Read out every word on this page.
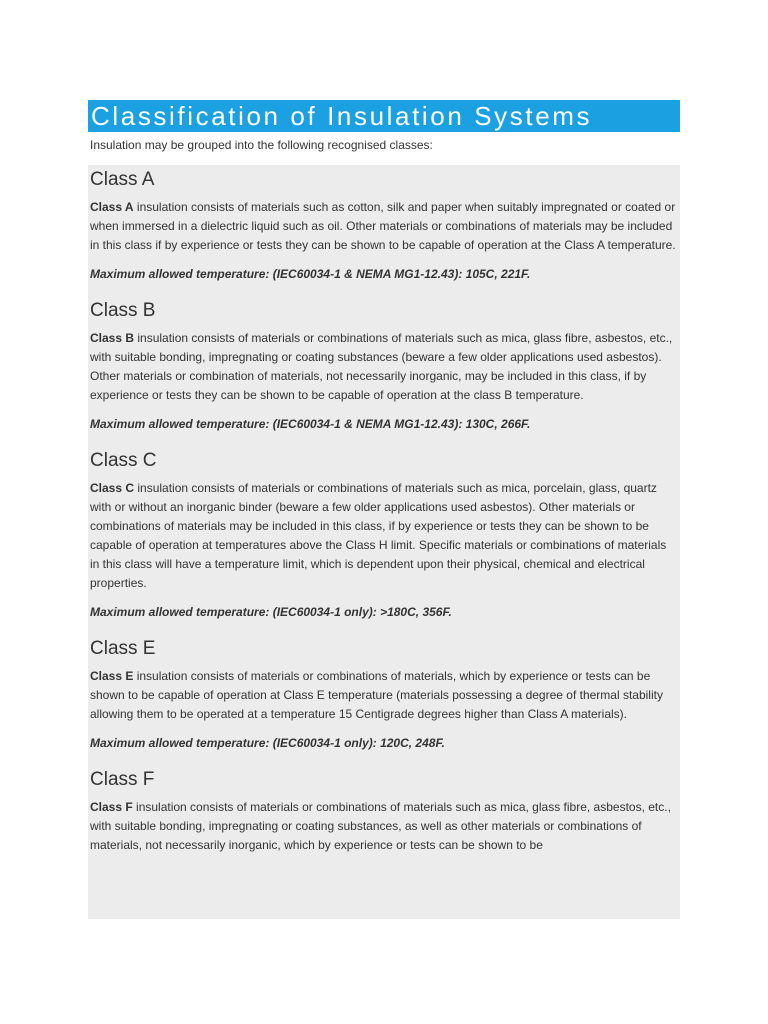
Classification of Insulation Systems
Insulation may be grouped into the following recognised classes:
Class A

Class A insulation consists of materials such as cotton, silk and paper when suitably impregnated or coated or when immersed in a dielectric liquid such as oil. Other materials or combinations of materials may be included in this class if by experience or tests they can be shown to be capable of operation at the Class A temperature.

Maximum allowed temperature: (IEC60034-1 & NEMA MG1-12.43): 105C, 221F.

Class B

Class B insulation consists of materials or combinations of materials such as mica, glass fibre, asbestos, etc., with suitable bonding, impregnating or coating substances (beware a few older applications used asbestos). Other materials or combination of materials, not necessarily inorganic, may be included in this class, if by experience or tests they can be shown to be capable of operation at the class B temperature.

Maximum allowed temperature: (IEC60034-1 & NEMA MG1-12.43): 130C, 266F.

Class C

Class C insulation consists of materials or combinations of materials such as mica, porcelain, glass, quartz with or without an inorganic binder (beware a few older applications used asbestos). Other materials or combinations of materials may be included in this class, if by experience or tests they can be shown to be capable of operation at temperatures above the Class H limit. Specific materials or combinations of materials in this class will have a temperature limit, which is dependent upon their physical, chemical and electrical properties.

Maximum allowed temperature: (IEC60034-1 only): >180C, 356F.

Class E

Class E insulation consists of materials or combinations of materials, which by experience or tests can be shown to be capable of operation at Class E temperature (materials possessing a degree of thermal stability allowing them to be operated at a temperature 15 Centigrade degrees higher than Class A materials).

Maximum allowed temperature: (IEC60034-1 only): 120C, 248F.

Class F

Class F insulation consists of materials or combinations of materials such as mica, glass fibre, asbestos, etc., with suitable bonding, impregnating or coating substances, as well as other materials or combinations of materials, not necessarily inorganic, which by experience or tests can be shown to be
